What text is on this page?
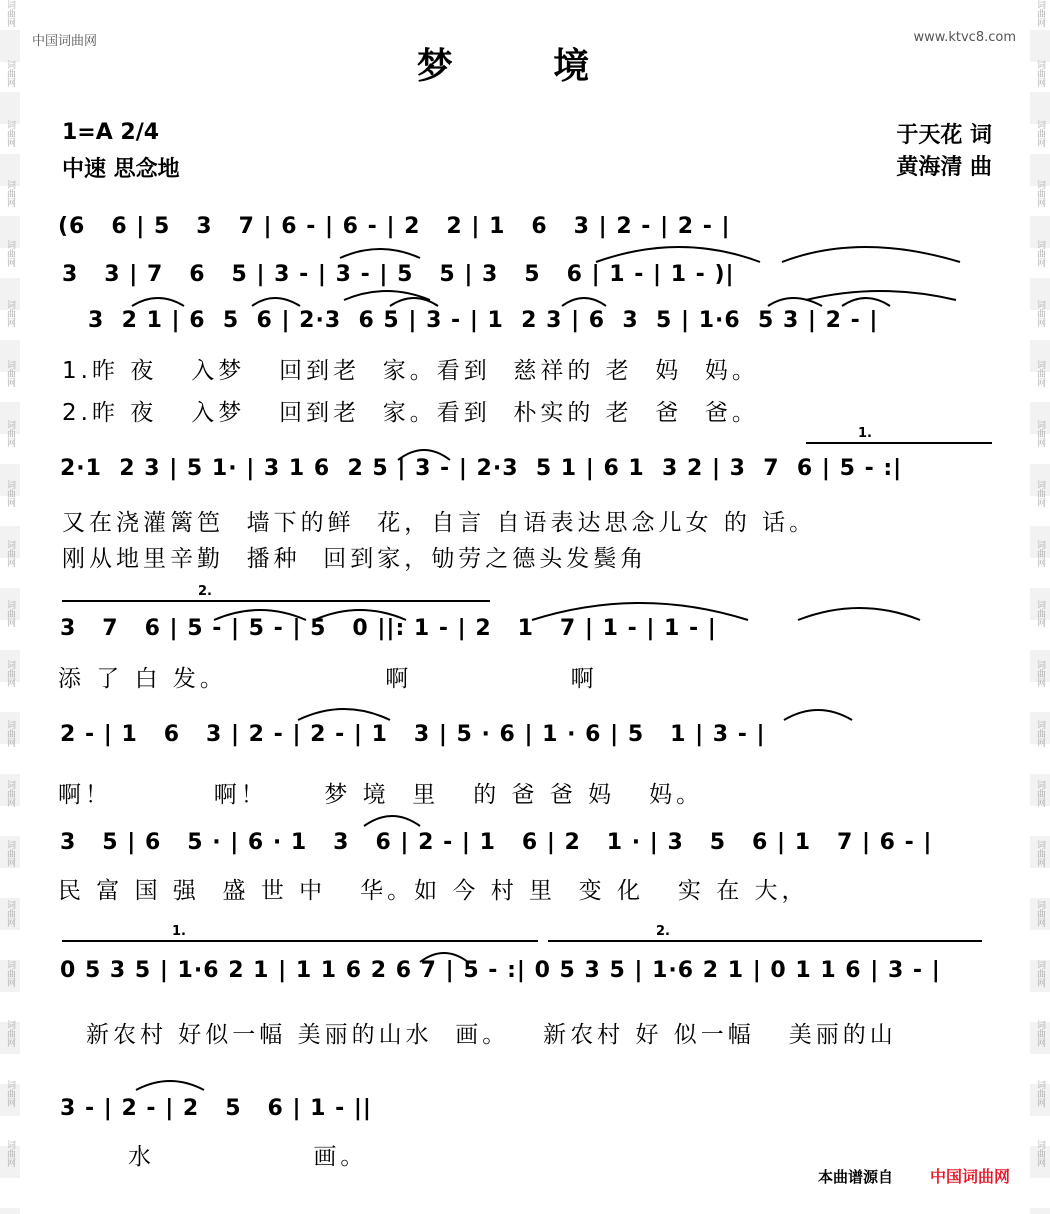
词曲网
词曲网
词曲网
词曲网
词曲网
词曲网
词曲网
词曲网
词曲网
词曲网
词曲网
词曲网
词曲网
词曲网
词曲网
词曲网
词曲网
词曲网
词曲网
词曲网
词曲网
词曲网
词曲网
词曲网
词曲网
词曲网
词曲网
词曲网
词曲网
词曲网
词曲网
词曲网
词曲网
词曲网
词曲网
词曲网
词曲网
词曲网
词曲网
词曲网
中国词曲网	www.ktvc8.com
梦 境
1=A 2/4
中速 思念地
于天花 词
黄海清 曲
(6   6 | 5   3   7 | 6 - | 6 - | 2   2 | 1   6   3 | 2 - | 2 - |
3   3 | 7   6   5 | 3 - | 3 - | 5   5 | 3   5   6 | 1 - | 1 - )|
3  2 1 | 6  5  6 | 2·3  6 5 | 3 - | 1  2 3 | 6  3  5 | 1·6  5 3 | 2 - |
1.昨 夜   入梦   回到老  家。看到  慈祥的 老  妈  妈。
2.昨 夜   入梦   回到老  家。看到  朴实的 老  爸  爸。
2·1  2 3 | 5 1· | 3 1 6  2 5 | 3 - | 2·3  5 1 | 6 1  3 2 | 3  7  6 | 5 - :|
又在浇灌篱笆  墙下的鲜  花，自言 自语表达思念儿女 的 话。
刚从地里辛勤  播种  回到家，劬劳之德头发鬓角
3   7   6 | 5 - | 5 - | 5   0 ||: 1 - | 2   1   7 | 1 - | 1 - |
添 了 白 发。              啊              啊
2 - | 1   6   3 | 2 - | 2 - | 1   3 | 5 · 6 | 1 · 6 | 5   1 | 3 - |
啊！         啊！     梦 境  里   的 爸 爸 妈   妈。
3   5 | 6   5 · | 6 · 1   3   6 | 2 - | 1   6 | 2   1 · | 3   5   6 | 1   7 | 6 - |
民 富 国 强  盛 世 中   华。如 今 村 里  变 化   实 在 大，
0 5 3 5 | 1·6 2 1 | 1 1 6 2 6 7 | 5 - :| 0 5 3 5 | 1·6 2 1 | 0 1 1 6 | 3 - |
新农村 好似一幅 美丽的山水  画。   新农村 好 似一幅   美丽的山
3 - | 2 - | 2   5   6 | 1 - ||
水              画。
1.
2.
1.	2.
本曲谱源自 中国词曲网
